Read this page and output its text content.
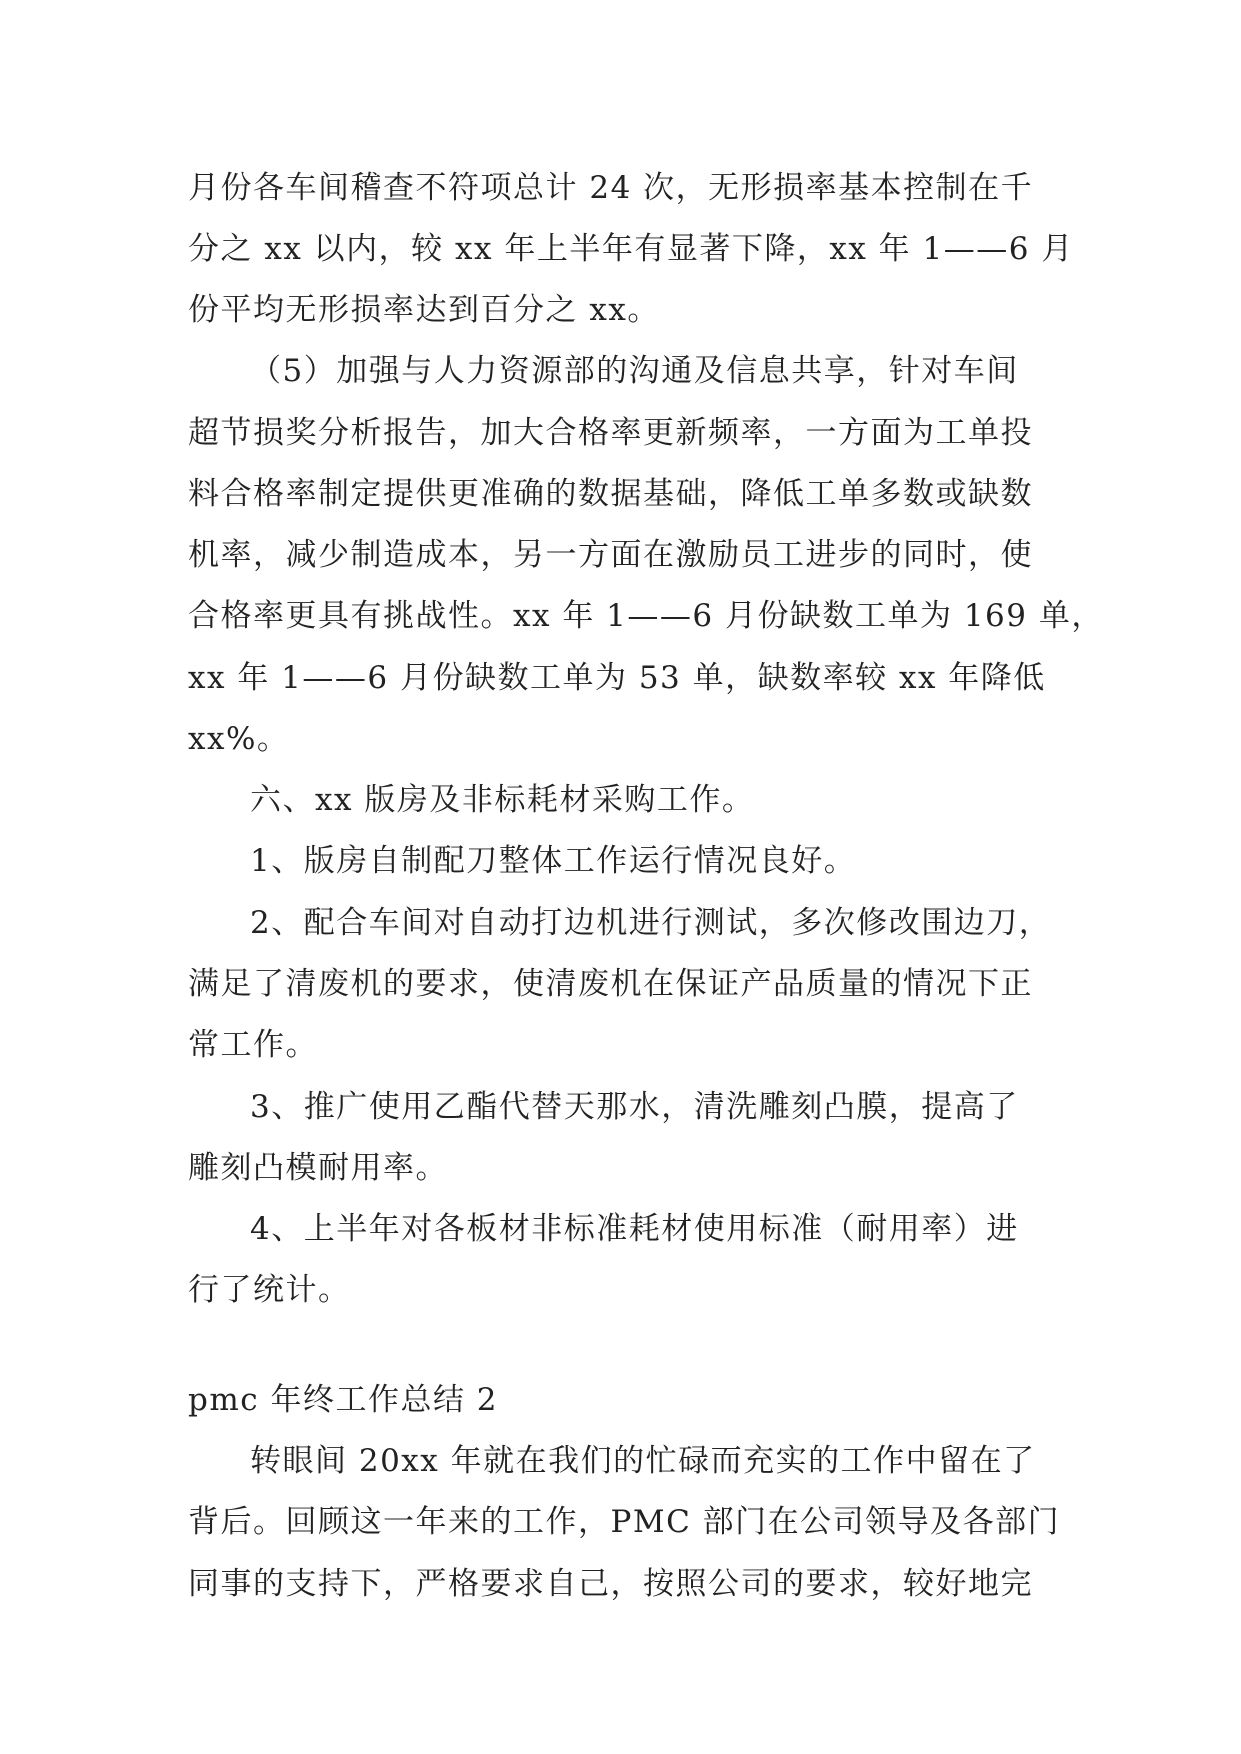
月份各车间稽查不符项总计 24 次，无形损率基本控制在千

分之 xx 以内，较 xx 年上半年有显著下降，xx 年 1——6 月

份平均无形损率达到百分之 xx。

（5）加强与人力资源部的沟通及信息共享，针对车间

超节损奖分析报告，加大合格率更新频率，一方面为工单投

料合格率制定提供更准确的数据基础，降低工单多数或缺数

机率，减少制造成本，另一方面在激励员工进步的同时，使

合格率更具有挑战性。xx 年 1——6 月份缺数工单为 169 单，

xx 年 1——6 月份缺数工单为 53 单，缺数率较 xx 年降低

xx%。

六、xx 版房及非标耗材采购工作。

1、版房自制配刀整体工作运行情况良好。

2、配合车间对自动打边机进行测试，多次修改围边刀，

满足了清废机的要求，使清废机在保证产品质量的情况下正

常工作。

3、推广使用乙酯代替天那水，清洗雕刻凸膜，提高了

雕刻凸模耐用率。

4、上半年对各板材非标准耗材使用标准（耐用率）进

行了统计。

pmc 年终工作总结 2

转眼间 20xx 年就在我们的忙碌而充实的工作中留在了

背后。回顾这一年来的工作，PMC 部门在公司领导及各部门

同事的支持下，严格要求自己，按照公司的要求，较好地完
